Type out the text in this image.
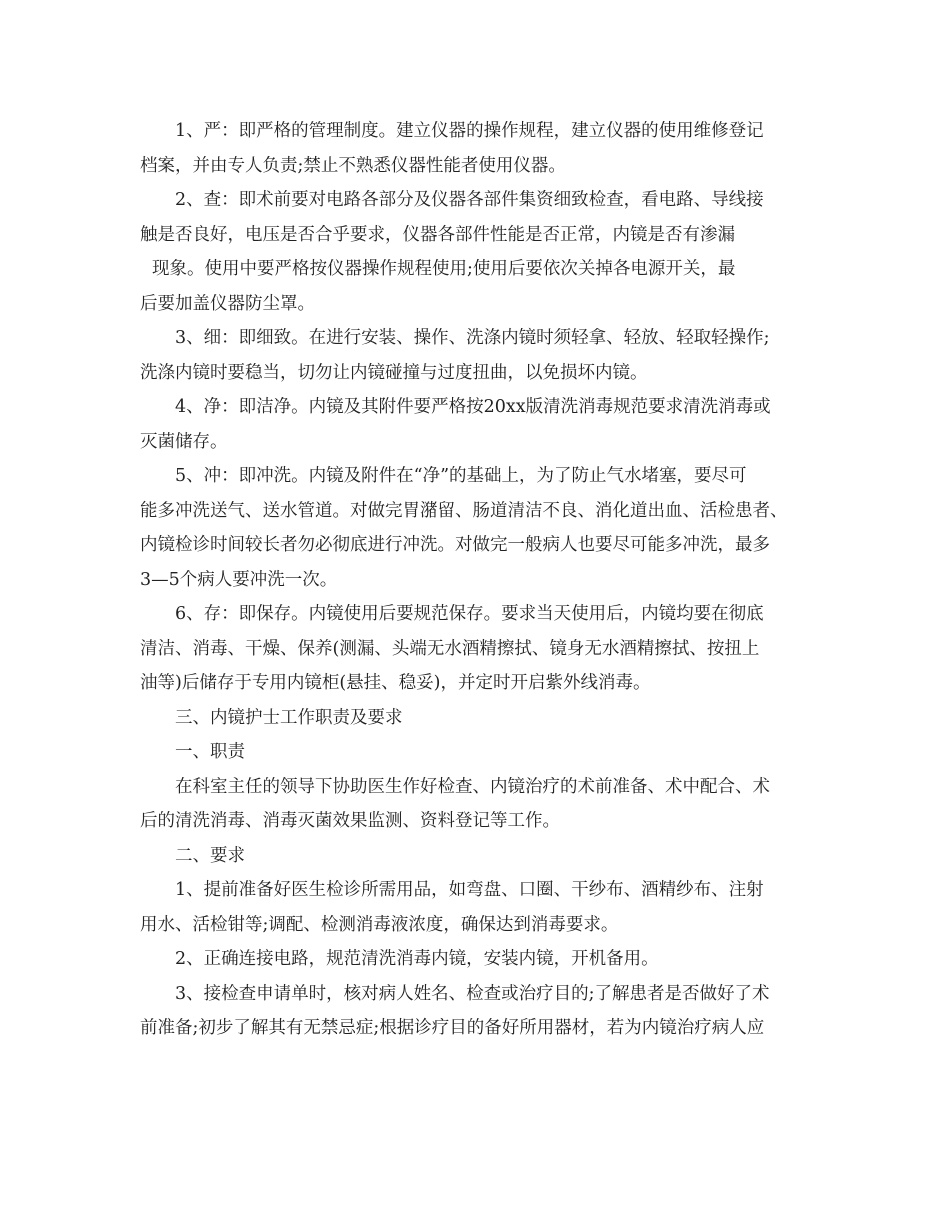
1、严：即严格的管理制度。建立仪器的操作规程，建立仪器的使用维修登记
档案，并由专人负责;禁止不熟悉仪器性能者使用仪器。
2、查：即术前要对电路各部分及仪器各部件集资细致检查，看电路、导线接
触是否良好，电压是否合乎要求，仪器各部件性能是否正常，内镜是否有渗漏
现象。使用中要严格按仪器操作规程使用;使用后要依次关掉各电源开关，最
后要加盖仪器防尘罩。
3、细：即细致。在进行安装、操作、洗涤内镜时须轻拿、轻放、轻取轻操作;
洗涤内镜时要稳当，切勿让内镜碰撞与过度扭曲，以免损坏内镜。
4、净：即洁净。内镜及其附件要严格按20xx版清洗消毒规范要求清洗消毒或
灭菌储存。
5、冲：即冲洗。内镜及附件在“净”的基础上，为了防止气水堵塞，要尽可
能多冲洗送气、送水管道。对做完胃潴留、肠道清洁不良、消化道出血、活检患者、
内镜检诊时间较长者勿必彻底进行冲洗。对做完一般病人也要尽可能多冲洗，最多
3—5个病人要冲洗一次。
6、存：即保存。内镜使用后要规范保存。要求当天使用后，内镜均要在彻底
清洁、消毒、干燥、保养(测漏、头端无水酒精擦拭、镜身无水酒精擦拭、按扭上
油等)后储存于专用内镜柜(悬挂、稳妥)，并定时开启紫外线消毒。
三、内镜护士工作职责及要求
一、职责
在科室主任的领导下协助医生作好检查、内镜治疗的术前准备、术中配合、术
后的清洗消毒、消毒灭菌效果监测、资料登记等工作。
二、要求
1、提前准备好医生检诊所需用品，如弯盘、口圈、干纱布、酒精纱布、注射
用水、活检钳等;调配、检测消毒液浓度，确保达到消毒要求。
2、正确连接电路，规范清洗消毒内镜，安装内镜，开机备用。
3、接检查申请单时，核对病人姓名、检查或治疗目的;了解患者是否做好了术
前准备;初步了解其有无禁忌症;根据诊疗目的备好所用器材，若为内镜治疗病人应
